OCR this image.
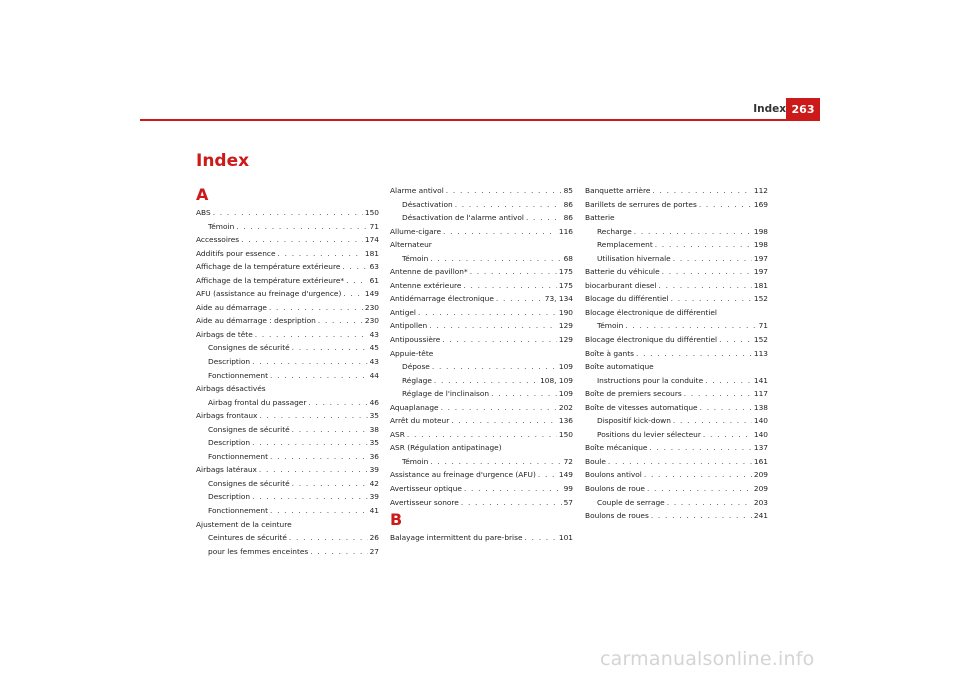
Index 263
Index
A
ABS . . .	150
Témoin . . .	71
Accessoires . . .	174
Additifs pour essence . . .	181
Affichage de la température extérieure . . .	63
Affichage de la température extérieure* . . .	61
AFU (assistance au freinage d'urgence) . . .	149
Aide au démarrage . . .	230
Aide au démarrage : despription . . .	230
Airbags de tête . . .	43
Consignes de sécurité . . .	45
Description . . .	43
Fonctionnement . . .	44
Airbags désactivés
Airbag frontal du passager . . .	46
Airbags frontaux . . .	35
Consignes de sécurité . . .	38
Description . . .	35
Fonctionnement . . .	36
Airbags latéraux . . .	39
Consignes de sécurité . . .	42
Description . . .	39
Fonctionnement . . .	41
Ajustement de la ceinture
Ceintures de sécurité . . .	26
pour les femmes enceintes . . .	27
Alarme antivol . . .	85
Désactivation . . .	86
Désactivation de l'alarme antivol . . .	86
Allume-cigare . . .	116
Alternateur
Témoin . . .	68
Antenne de pavillon* . . .	175
Antenne extérieure . . .	175
Antidémarrage électronique . . .	73, 134
Antigel . . .	190
Antipollen . . .	129
Antipoussière . . .	129
Appuie-tête
Dépose . . .	109
Réglage . . .	108, 109
Réglage de l'inclinaison . . .	109
Aquaplanage . . .	202
Arrêt du moteur . . .	136
ASR . . .	150
ASR (Régulation antipatinage)
Témoin . . .	72
Assistance au freinage d'urgence (AFU) . . .	149
Avertisseur optique . . .	99
Avertisseur sonore . . .	57
B
Balayage intermittent du pare-brise . . .	101
Banquette arrière . . .	112
Barillets de serrures de portes . . .	169
Batterie
Recharge . . .	198
Remplacement . . .	198
Utilisation hivernale . . .	197
Batterie du véhicule . . .	197
biocarburant diesel . . .	181
Blocage du différentiel . . .	152
Blocage électronique de différentiel
Témoin . . .	71
Blocage électronique du différentiel . . .	152
Boîte à gants . . .	113
Boîte automatique
Instructions pour la conduite . . .	141
Boîte de premiers secours . . .	117
Boîte de vitesses automatique . . .	138
Dispositif kick-down . . .	140
Positions du levier sélecteur . . .	140
Boîte mécanique . . .	137
Boule . . .	161
Boulons antivol . . .	209
Boulons de roue . . .	209
Couple de serrage . . .	203
Boulons de roues . . .	241
carmanualsonline.info
